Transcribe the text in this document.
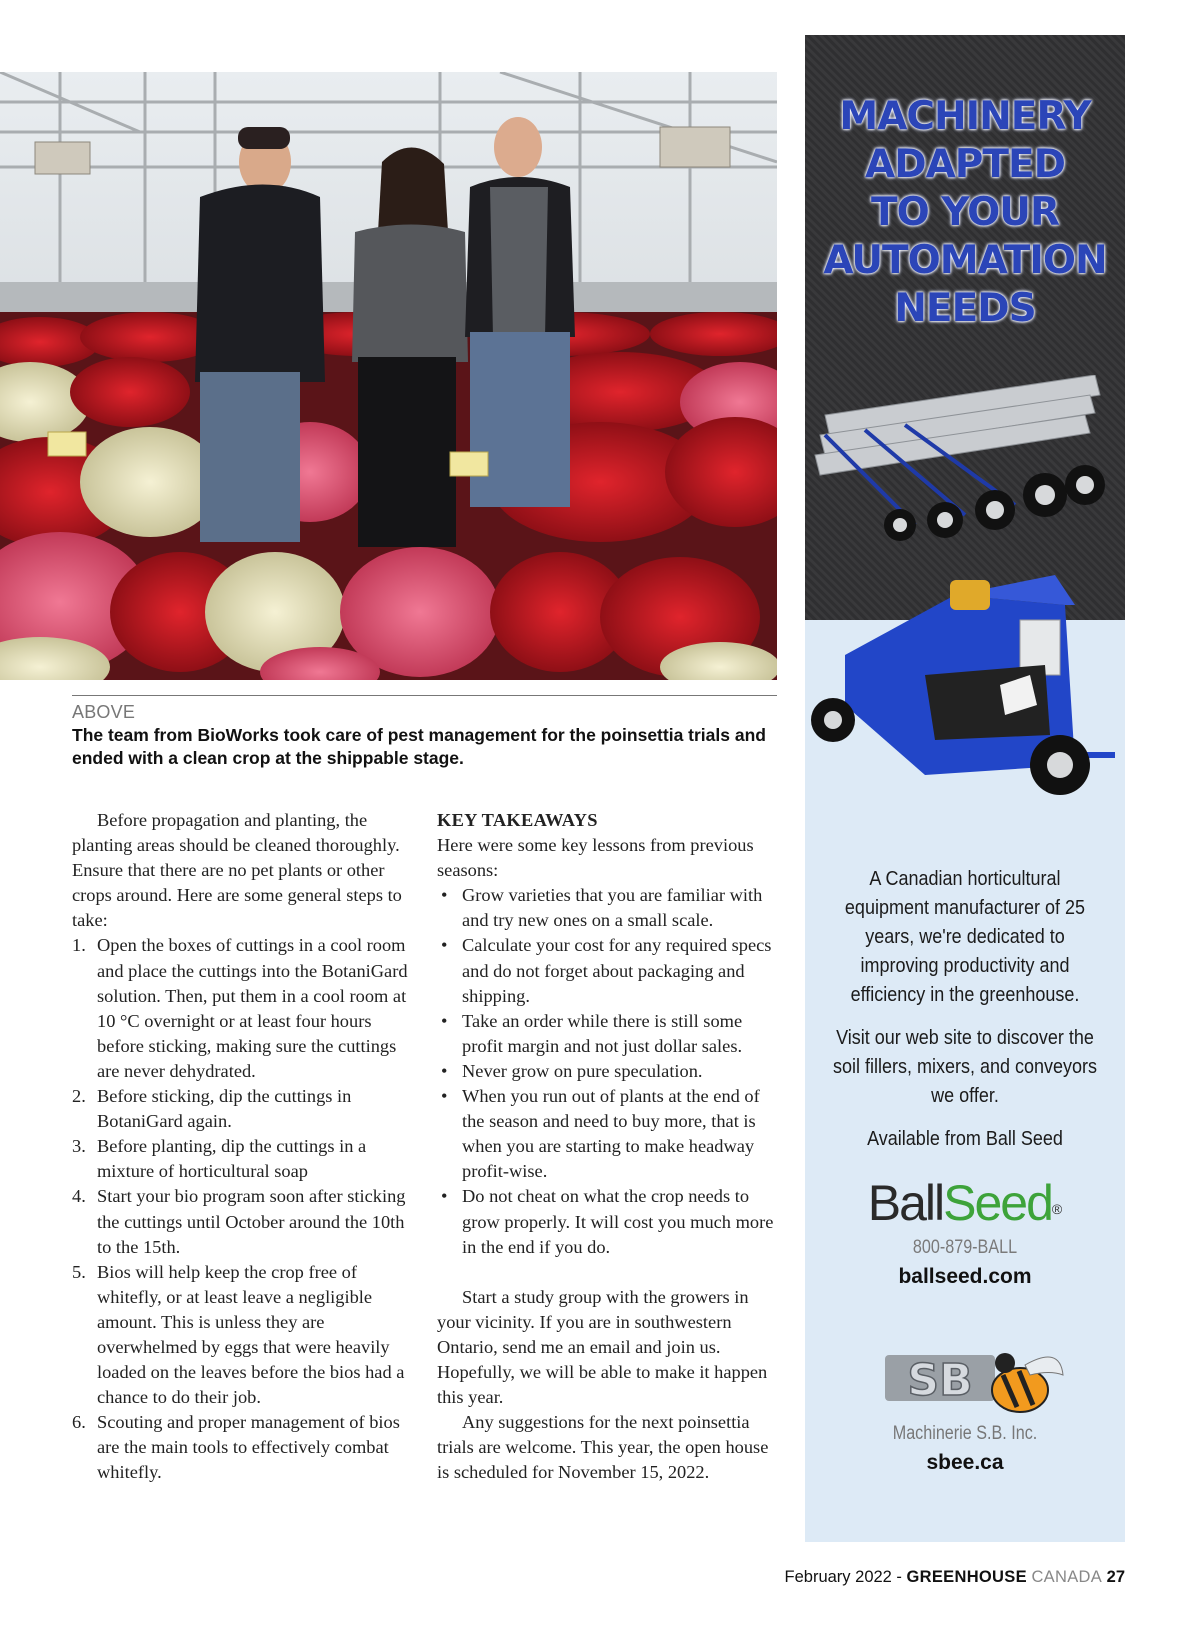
ABOVE
The team from BioWorks took care of pest management for the poinsettia trials and ended with a clean crop at the shippable stage.

Before propagation and planting, the planting areas should be cleaned thoroughly. Ensure that there are no pet plants or other crops around. Here are some general steps to take:

1. Open the boxes of cuttings in a cool room and place the cuttings into the BotaniGard solution. Then, put them in a cool room at 10 °C overnight or at least four hours before sticking, making sure the cuttings are never dehydrated.
2. Before sticking, dip the cuttings in BotaniGard again.
3. Before planting, dip the cuttings in a mixture of horticultural soap
4. Start your bio program soon after sticking the cuttings until October around the 10th to the 15th.
5. Bios will help keep the crop free of whitefly, or at least leave a negligible amount. This is unless they are overwhelmed by eggs that were heavily loaded on the leaves before the bios had a chance to do their job.
6. Scouting and proper management of bios are the main tools to effectively combat whitefly.

KEY TAKEAWAYS

Here were some key lessons from previous seasons:

• Grow varieties that you are familiar with and try new ones on a small scale.
• Calculate your cost for any required specs and do not forget about packaging and shipping.
• Take an order while there is still some profit margin and not just dollar sales.
• Never grow on pure speculation.
• When you run out of plants at the end of the season and need to buy more, that is when you are starting to make headway profit-wise.
• Do not cheat on what the crop needs to grow properly. It will cost you much more in the end if you do.

Start a study group with the growers in your vicinity. If you are in southwestern Ontario, send me an email and join us. Hopefully, we will be able to make it happen this year.

Any suggestions for the next poinsettia trials are welcome. This year, the open house is scheduled for November 15, 2022.

MACHINERY
ADAPTED
TO YOUR
AUTOMATION
NEEDS

A Canadian horticultural equipment manufacturer of 25 years, we're dedicated to improving productivity and efficiency in the greenhouse.

Visit our web site to discover the soil fillers, mixers, and conveyors we offer.

Available from Ball Seed

BallSeed®
800-879-BALL
ballseed.com
SB
Machinerie S.B. Inc.
sbee.ca
February 2022 - GREENHOUSE CANADA 27
